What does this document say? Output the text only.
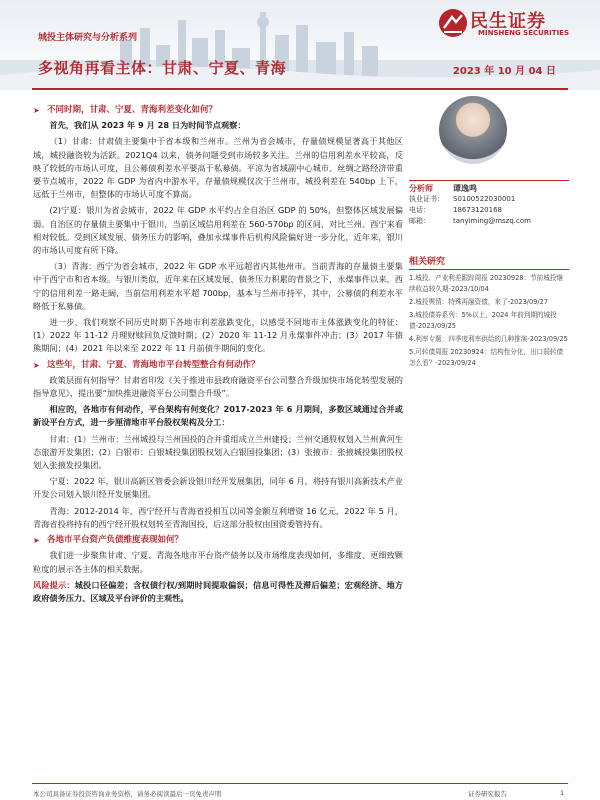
城投主体研究与分析系列
多视角再看主体：甘肃、宁夏、青海	2023 年 10 月 04 日
民生证券
MINSHENG SECURITIES
➤ 不同时期，甘肃、宁夏、青海利差变化如何？
首先，我们从 2023 年 9 月 28 日为时间节点观察：
（1）甘肃：甘肃债主要集中于省本级和兰州市。兰州为省会城市，存量债规模显著高于其他区域，城投融资较为活跃。2021Q4 以来，债务问题受到市场较多关注。兰州的信用利差水平较高，反映了较低的市场认可度，且公募债利差水平要高于私募债。平凉为省域副中心城市、丝绸之路经济带重要节点城市，2022 年 GDP 为省内中游水平，存量债规模仅次于兰州市，城投利差在 540bp 上下，远低于兰州市，但整体的市场认可度不算高。
(2)宁夏：银川为省会城市，2022 年 GDP 水平约占全自治区 GDP 的 50%，但整体区域发展偏弱。自治区的存量债主要集中于银川，当前区域信用利差在 560-570bp 的区间，对比兰州、西宁来看相对较低。受到区域发展、债务压力的影响，叠加永煤事件后机构风险偏好进一步分化，近年来，银川的市场认可度有所下降。
（3）青海：西宁为省会城市，2022 年 GDP 水平远超省内其他州市。当前青海的存量债主要集中于西宁市和省本级。与银川类似，近年来在区域发展、债务压力积累的背景之下，永煤事件以来，西宁的信用利差一路走阔，当前信用利差水平超 700bp，基本与兰州市持平，其中，公募债的利差水平略低于私募债。
进一步，我们观察不同历史时期下各地市利差涨跌变化，以感受不同地市主体涨跌变化的特征：(1）2022 年 11-12 月理财赎回负反馈时期；(2）2020 年 11-12 月永煤事件冲击；(3）2017 年债熊期间；(4）2021 年以来至 2022 年 11 月前债牛期间的变化。
➤ 这些年，甘肃、宁夏、青海地市平台转型整合有何动作？
政策层面有何指导？甘肃省印发《关于推进市县政府融资平台公司整合升级加快市场化转型发展的指导意见》，提出要“加快推进融资平台公司整合升级”。
相应的，各地市有何动作，平台架构有何变化？2017-2023 年 6 月期间，多数区域通过合并或新设平台方式，进一步厘清地市平台股权架构及分工：
甘肃：(1）兰州市：兰州城投与兰州国投的合并重组成立兰州建投；兰州交通股权划入兰州黄河生态旅游开发集团；(2）白银市：白银城投集团股权划入白银国投集团；(3）张掖市：张掖城投集团股权划入张掖发投集团。
宁夏：2022 年，银川高新区管委会新设银川经开发展集团，同年 6 月，将持有银川高新技术产业开发公司划入银川经开发展集团。
青海：2012-2014 年，西宁经开与青海省投相互以同等金额互利增资 16 亿元，2022 年 5 月，青海省投将持有的西宁经开股权划转至青海国投，后这部分股权由国资委管持有。
➤ 各地市平台资产负债维度表现如何？
我们进一步聚焦甘肃、宁夏、青海各地市平台资产债务以及市场维度表现如何，多维度、更细致颗粒度的展示各主体的相关数据。
风险提示：城投口径偏差；含权债行权/到期时间提取偏误；信息可得性及滞后偏差；宏观经济、地方政府债务压力、区域及平台评价的主观性。
分析师	谭逸鸣
执业证书：	S0100522030001
电话：	18673120168
邮箱：	tanyiming@mszq.com
相关研究
1.城投、产业利差跟踪周报 20230928：节前城投继续收益较久期-2023/10/04
2.城投舆情：特殊再融资债，来了-2023/09/27
3.城投债券系列：5%以上，2024 年前到期的城投债-2023/09/25
4.利率专题：四季度利率供给的几种推演-2023/09/25
5.可转债周报 20230924：结构性分化，出口弱转债怎么看？-2023/09/24
本公司具备证券投资咨询业务资格，请务必阅读最后一页免责声明	证券研究报告	1
